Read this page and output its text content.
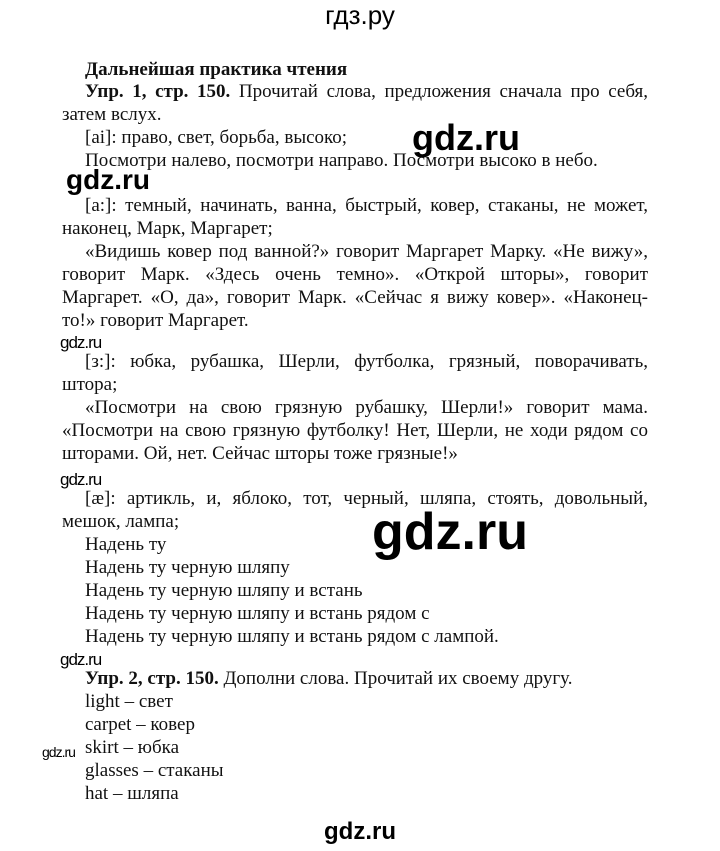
гдз.ру
Дальнейшая практика чтения
Упр. 1, стр. 150. Прочитай слова, предложения сначала про себя, затем вслух.
[ai]: право, свет, борьба, высоко;
Посмотри налево, посмотри направо. Посмотри высоко в небо.
[a:]: темный, начинать, ванна, быстрый, ковер, стаканы, не может, наконец, Марк, Маргарет;
«Видишь ковер под ванной?» говорит Маргарет Марку. «Не вижу», говорит Марк. «Здесь очень темно». «Открой шторы», говорит Маргарет. «О, да», говорит Марк. «Сейчас я вижу ковер». «Наконец-то!» говорит Маргарет.
[з:]: юбка, рубашка, Шерли, футболка, грязный, поворачивать, штора;
«Посмотри на свою грязную рубашку, Шерли!» говорит мама. «Посмотри на свою грязную футболку! Нет, Шерли, не ходи рядом со шторами. Ой, нет. Сейчас шторы тоже грязные!»
[æ]: артикль, и, яблоко, тот, черный, шляпа, стоять, довольный, мешок, лампа;
Надень ту
Надень ту черную шляпу
Надень ту черную шляпу и встань
Надень ту черную шляпу и встань рядом с
Надень ту черную шляпу и встань рядом с лампой.
Упр. 2, стр. 150. Дополни слова. Прочитай их своему другу.
light – свет
carpet – ковер
skirt – юбка
glasses – стаканы
hat – шляпа
gdz.ru
gdz.ru
gdz.ru
gdz.ru
gdz.ru
gdz.ru
gdz.ru
gdz.ru
